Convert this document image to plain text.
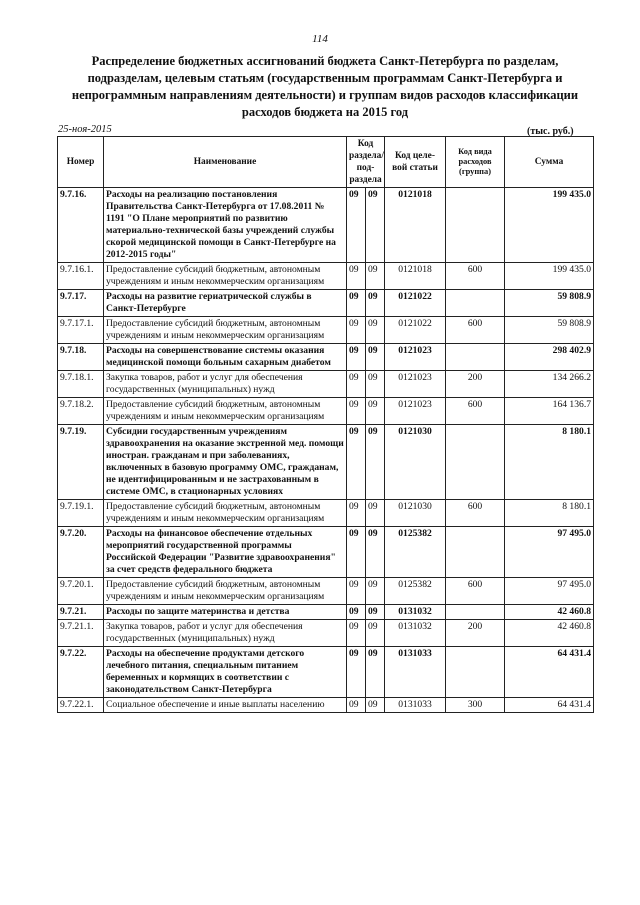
114
Распределение бюджетных ассигнований бюджета Санкт-Петербурга по разделам, подразделам, целевым статьям (государственным программам Санкт-Петербурга и непрограммным направлениям деятельности) и группам видов расходов классификации расходов бюджета на 2015 год
25-ноя-2015	(тыс. руб.)
Номер	Наименование	Код раздела/ под- раздела		Код целе- вой статьи	Код вида расходов (группа)	Сумма
9.7.16.	Расходы на реализацию постановления Правительства Санкт-Петербурга от 17.08.2011 № 1191 "О Плане мероприятий по развитию материально-технической базы учреждений службы скорой медицинской помощи в Санкт-Петербурге на 2012-2015 годы"	09	09	0121018		199 435.0
9.7.16.1.	Предоставление субсидий бюджетным, автономным учреждениям и иным некоммерческим организациям	09	09	0121018	600	199 435.0
9.7.17.	Расходы на развитие гериатрической службы в Санкт-Петербурге	09	09	0121022		59 808.9
9.7.17.1.	Предоставление субсидий бюджетным, автономным учреждениям и иным некоммерческим организациям	09	09	0121022	600	59 808.9
9.7.18.	Расходы на совершенствование системы оказания медицинской помощи больным сахарным диабетом	09	09	0121023		298 402.9
9.7.18.1.	Закупка товаров, работ и услуг для обеспечения государственных (муниципальных) нужд	09	09	0121023	200	134 266.2
9.7.18.2.	Предоставление субсидий бюджетным, автономным учреждениям и иным некоммерческим организациям	09	09	0121023	600	164 136.7
9.7.19.	Субсидии государственным учреждениям здравоохранения на оказание экстренной мед. помощи иностран. гражданам и при заболеваниях, включенных в базовую программу ОМС, гражданам, не идентифицированным и не застрахованным в системе ОМС, в стационарных условиях	09	09	0121030		8 180.1
9.7.19.1.	Предоставление субсидий бюджетным, автономным учреждениям и иным некоммерческим организациям	09	09	0121030	600	8 180.1
9.7.20.	Расходы на финансовое обеспечение отдельных мероприятий государственной программы Российской Федерации "Развитие здравоохранения" за счет средств федерального бюджета	09	09	0125382		97 495.0
9.7.20.1.	Предоставление субсидий бюджетным, автономным учреждениям и иным некоммерческим организациям	09	09	0125382	600	97 495.0
9.7.21.	Расходы по защите материнства и детства	09	09	0131032		42 460.8
9.7.21.1.	Закупка товаров, работ и услуг для обеспечения государственных (муниципальных) нужд	09	09	0131032	200	42 460.8
9.7.22.	Расходы на обеспечение продуктами детского лечебного питания, специальным питанием беременных и кормящих в соответствии с законодательством Санкт-Петербурга	09	09	0131033		64 431.4
9.7.22.1.	Социальное обеспечение и иные выплаты населению	09	09	0131033	300	64 431.4
